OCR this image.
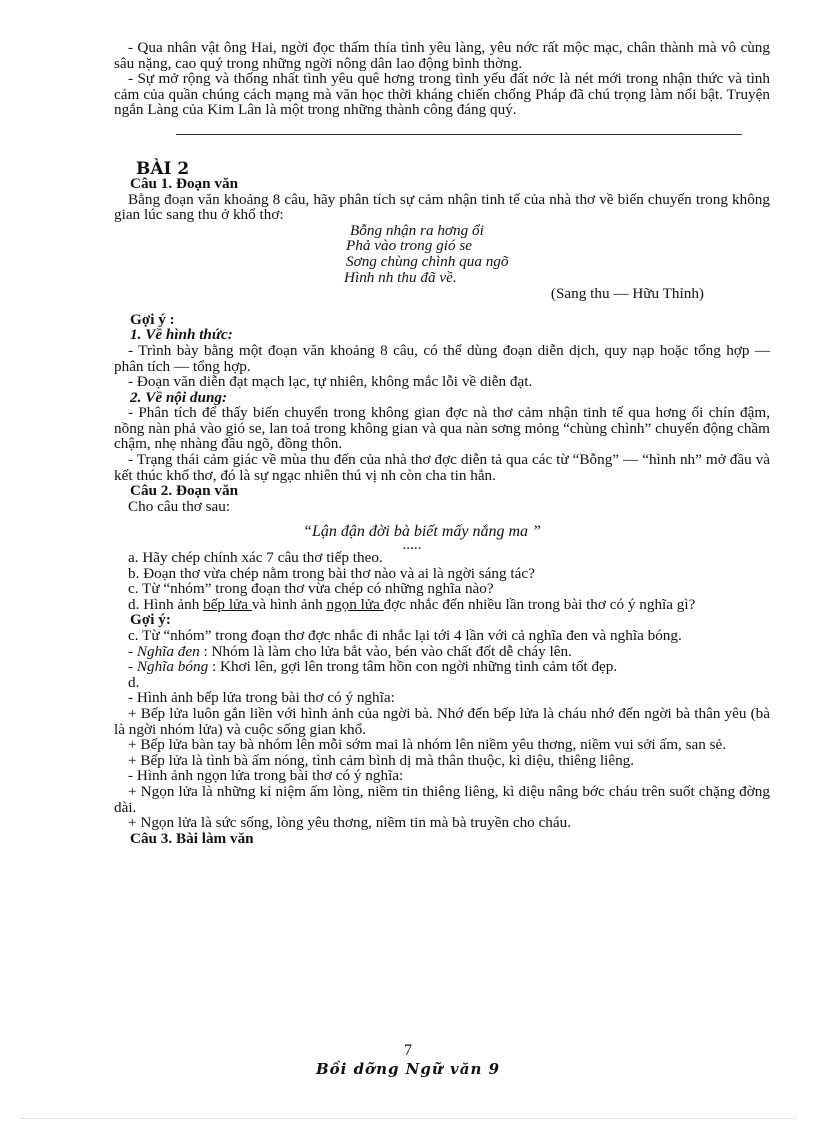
- Qua nhân vật ông Hai, ngời đọc thấm thía tình yêu làng, yêu nớc rất mộc mạc, chân thành mà vô cùng sâu nặng, cao quý trong những ngời nông dân lao động bình thờng.

- Sự mở rộng và thống nhất tình yêu quê hơng trong tình yếu đất nớc là nét mới trong nhận thức và tình cảm của quần chúng cách mạng mà văn học thời kháng chiến chống Pháp đã chú trọng làm nổi bật. Truyện ngắn Làng của Kim Lân là một trong những thành công đáng quý.

BÀI 2

Câu 1. Đoạn văn

Bằng đoạn văn khoảng 8 câu, hãy phân tích sự cảm nhận tinh tế của nhà thơ về biến chuyển trong không gian lúc sang thu ở khổ thơ:

Bỗng nhận ra hơng ổi
Phả vào trong gió se
Sơng chùng chình qua ngõ
Hình nh thu đã về.

(Sang thu — Hữu Thỉnh)

Gợi ý :

1. Về hình thức:

- Trình bày bằng một đoạn văn khoảng 8 câu, có thể dùng đoạn diễn dịch, quy nạp hoặc tổng hợp — phân tích — tổng hợp.

- Đoạn văn diễn đạt mạch lạc, tự nhiên, không mắc lỗi về diễn đạt.

2. Về nội dung:

- Phân tích để thấy biến chuyển trong không gian đợc nà thơ cảm nhận tinh tế qua hơng ổi chín đậm, nồng nàn phả vào gió se, lan toả trong không gian và qua nàn sơng mỏng “chùng chình” chuyển động chầm chậm, nhẹ nhàng đầu ngõ, đồng thôn.

- Trạng thái cảm giác về mùa thu đến của nhà thơ đợc diễn tả qua các từ “Bỗng” — “hình nh” mở đầu và kết thúc khổ thơ, đó là sự ngạc nhiên thú vị nh còn cha tin hẳn.

Câu 2. Đoạn văn

Cho câu thơ sau:

“Lận đận đời bà biết mấy nắng ma ”

.....

a. Hãy chép chính xác 7 câu thơ tiếp theo.

b. Đoạn thơ vừa chép nằm trong bài thơ nào và ai là ngời sáng tác?

c. Từ “nhóm” trong đoạn thơ vừa chép có những nghĩa nào?

d. Hình ảnh bếp lửa và hình ảnh ngọn lửa đợc nhắc đến nhiều lần trong bài thơ có ý nghĩa gì?

Gợi ý:

c. Từ “nhóm” trong đoạn thơ đợc nhắc đi nhắc lại tới 4 lần với cả nghĩa đen và nghĩa bóng.

- Nghĩa đen : Nhóm là làm cho lửa bắt vào, bén vào chất đốt dễ cháy lên.

- Nghĩa bóng : Khơi lên, gợi lên trong tâm hồn con ngời những tình cảm tốt đẹp.

d.

- Hình ảnh bếp lửa trong bài thơ có ý nghĩa:

+ Bếp lửa luôn gắn liền với hình ảnh của ngời bà. Nhớ đến bếp lửa là cháu nhớ đến ngời bà thân yêu (bà là ngời nhóm lửa) và cuộc sống gian khổ.

+ Bếp lửa bàn tay bà nhóm lên mỗi sớm mai là nhóm lên niềm yêu thơng, niềm vui sởi ấm, san sẻ.

+ Bếp lửa là tình bà ấm nóng, tình cảm bình dị mà thân thuộc, kì diệu, thiêng liêng.

- Hình ảnh ngọn lửa trong bài thơ có ý nghĩa:

+ Ngọn lửa là những kỉ niệm ấm lòng, niềm tin thiêng liêng, kì diệu nâng bớc cháu trên suốt chặng đờng dài.

+ Ngọn lửa là sức sống, lòng yêu thơng, niềm tin mà bà truyền cho cháu.

Câu 3. Bài làm văn

7
Bồi dỡng Ngữ văn 9
